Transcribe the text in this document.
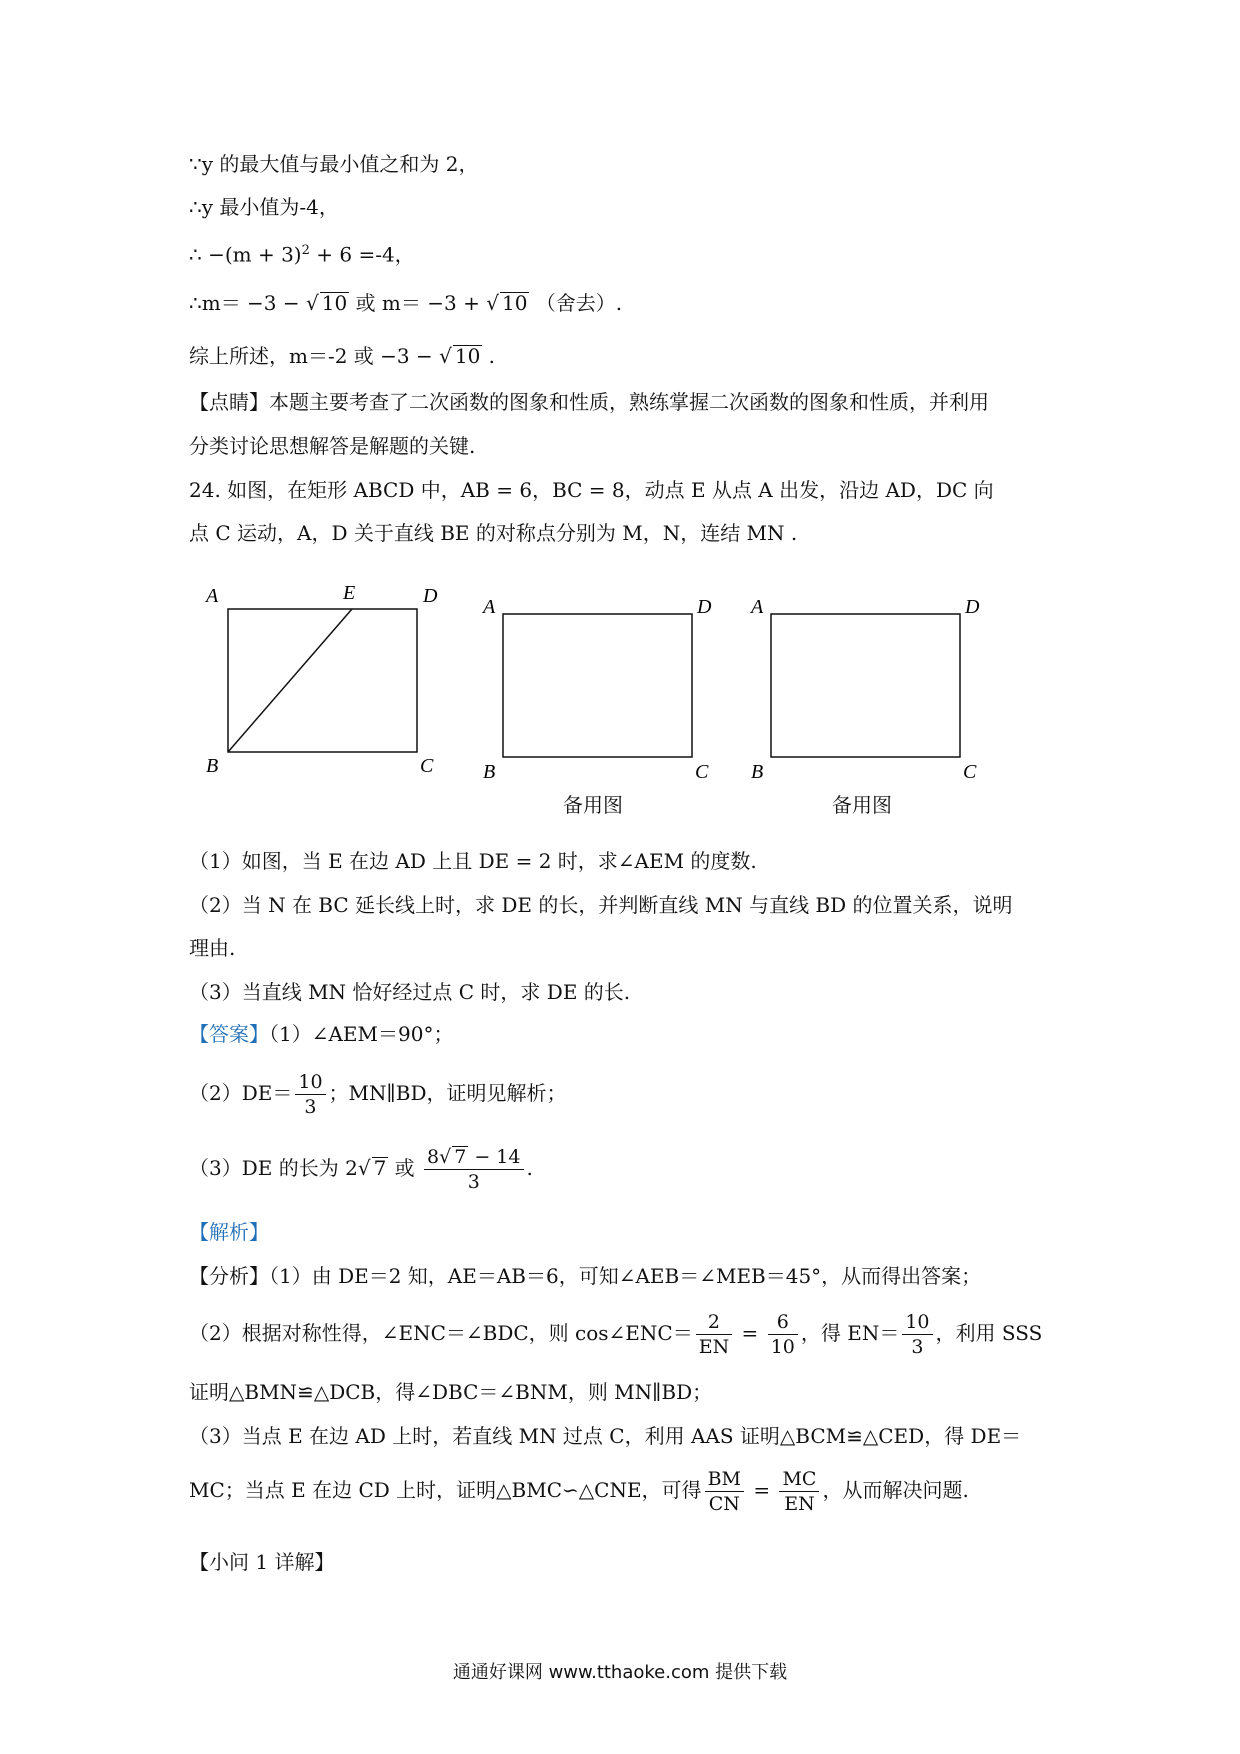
∵y 的最大值与最小值之和为 2，
∴y 最小值为-4，
∴ $-(m + 3)^2 + 6 =-4$，
∴m＝ −3 − √ 10 或 m＝ −3 + √ 10 （舍去）.
综上所述，m＝-2 或 −3 − √ 10 .
【点睛】本题主要考查了二次函数的图象和性质，熟练掌握二次函数的图象和性质，并利用
分类讨论思想解答是解题的关键.
24. 如图，在矩形 ABCD 中，AB = 6，BC = 8，动点 E 从点 A 出发，沿边 AD，DC 向
点 C 运动，A，D 关于直线 BE 的对称点分别为 M，N，连结 MN .
A	E	D
B	C
A	D
B	C
备用图
A	D
B	C
备用图
（1）如图，当 E 在边 AD 上且 DE = 2 时，求∠AEM 的度数.
（2）当 N 在 BC 延长线上时，求 DE 的长，并判断直线 MN 与直线 BD 的位置关系，说明
理由.
（3）当直线 MN 恰好经过点 C 时，求 DE 的长.
【答案】（1）∠AEM＝90°；
$(2)DE= \frac{10}{3}$ ；MN∥BD，证明见解析；
（3）DE 的长为 2√ 7 或 $\frac{8√ 7 - 14}{3}$ .
【解析】
【分析】（1）由 DE＝2 知，AE＝AB＝6，可知∠AEB＝∠MEB＝45°，从而得出答案；
（2）根据对称性得，∠ENC＝∠BDC，则 cos∠ENC＝ $\frac{2}{EN} = \frac{6}{10}$ ，得 $EN= \frac{10}{3}$ ，利用 SSS
证明△BMN≌△DCB，得∠DBC＝∠BNM，则 MN∥BD；
（3）当点 E 在边 AD 上时，若直线 MN 过点 C，利用 AAS 证明△BCM≌△CED，得 DE＝
MC；当点 E 在边 CD 上时，证明△BMC∽△CNE，可得 $\frac{BM}{CN} = \frac{MC}{EN}$ ，从而解决问题.
【小问 1 详解】
通通好课网 www.tthaoke.com 提供下载
